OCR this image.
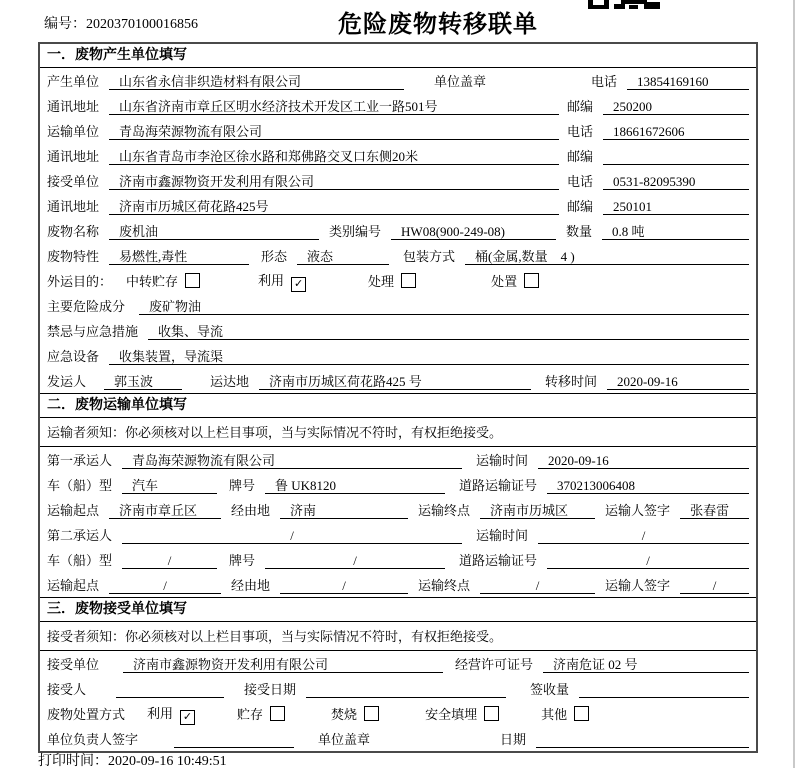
编号：2020370100016856	危险废物转移联单
一．废物产生单位填写
产生单位	山东省永信非织造材料有限公司	单位盖章	电话	13854169160
通讯地址	山东省济南市章丘区明水经济技术开发区工业一路501号	邮编	250200
运输单位	青岛海荣源物流有限公司	电话	18661672606
通讯地址	山东省青岛市李沧区徐水路和郑佛路交叉口东侧20米	邮编
接受单位	济南市鑫源物资开发利用有限公司	电话	0531-82095390
通讯地址	济南市历城区荷花路425号	邮编	250101
废物名称	废机油	类别编号	HW08(900-249-08)	数量	0.8 吨
废物特性	易燃性,毒性	形态	液态	包装方式	桶(金属,数量　4 )
外运目的： 中转贮存	利用 ✓	处理	处置
主要危险成分	废矿物油
禁忌与应急措施	收集、导流
应急设备	收集装置，导流渠
发运人	郭玉波	运达地	济南市历城区荷花路425 号	转移时间	2020-09-16
二．废物运输单位填写
运输者须知：你必须核对以上栏目事项，当与实际情况不符时，有权拒绝接受。
第一承运人	青岛海荣源物流有限公司	运输时间	2020-09-16
车（船）型	汽车	牌号	鲁 UK8120	道路运输证号	370213006408
运输起点	济南市章丘区	经由地	济南	运输终点	济南市历城区	运输人签字	张春雷
第二承运人	/	运输时间	/
车（船）型	/	牌号	/	道路运输证号	/
运输起点	/	经由地	/	运输终点	/	运输人签字	/
三．废物接受单位填写
接受者须知：你必须核对以上栏目事项，当与实际情况不符时，有权拒绝接受。
接受单位	济南市鑫源物资开发利用有限公司	经营许可证号	济南危证 02 号
接受人	接受日期	签收量
废物处置方式 利用 ✓	贮存	焚烧	安全填埋	其他
单位负责人签字	单位盖章	日期
打印时间：2020-09-16 10:49:51
